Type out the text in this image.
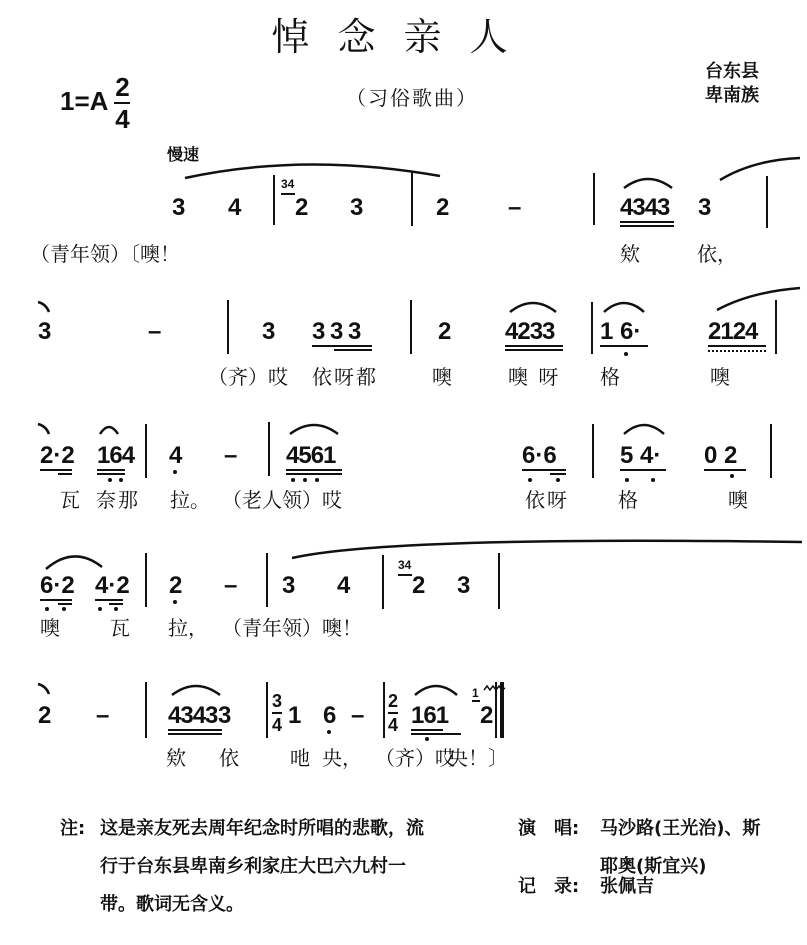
悼念亲人
$1=A \frac{2}{4}$	（习俗歌曲）
台东县
卑南族
慢速
3 4
34
2 3	2 –	4343 3
（青年领）〔噢！	欸	依，
3	–	3 3 3 3	2 4233 1 6·	2124
（齐）哎 依呀都	噢	噢 呀 格	噢
2·2 164 4 – 4561	6·6	5 4· 0 2
瓦 奈那 拉。 （老人领）哎	依呀 格	噢
6·2 4·2 2 – 3 4
34
2 3
噢	瓦 拉， （青年领）噢！
2 – 4343 3
3
4 1 6 –
2
4 161
1
2
欸 依	吔 央， （齐）哎
央！〕
注: 这是亲友死去周年纪念时所唱的悲歌，流
行于台东县卑南乡利家庄大巴六九村一
带。歌词无含义。
演　唱: 马沙路(王光治)、斯
耶奥(斯宜兴)
记　录: 张佩吉
